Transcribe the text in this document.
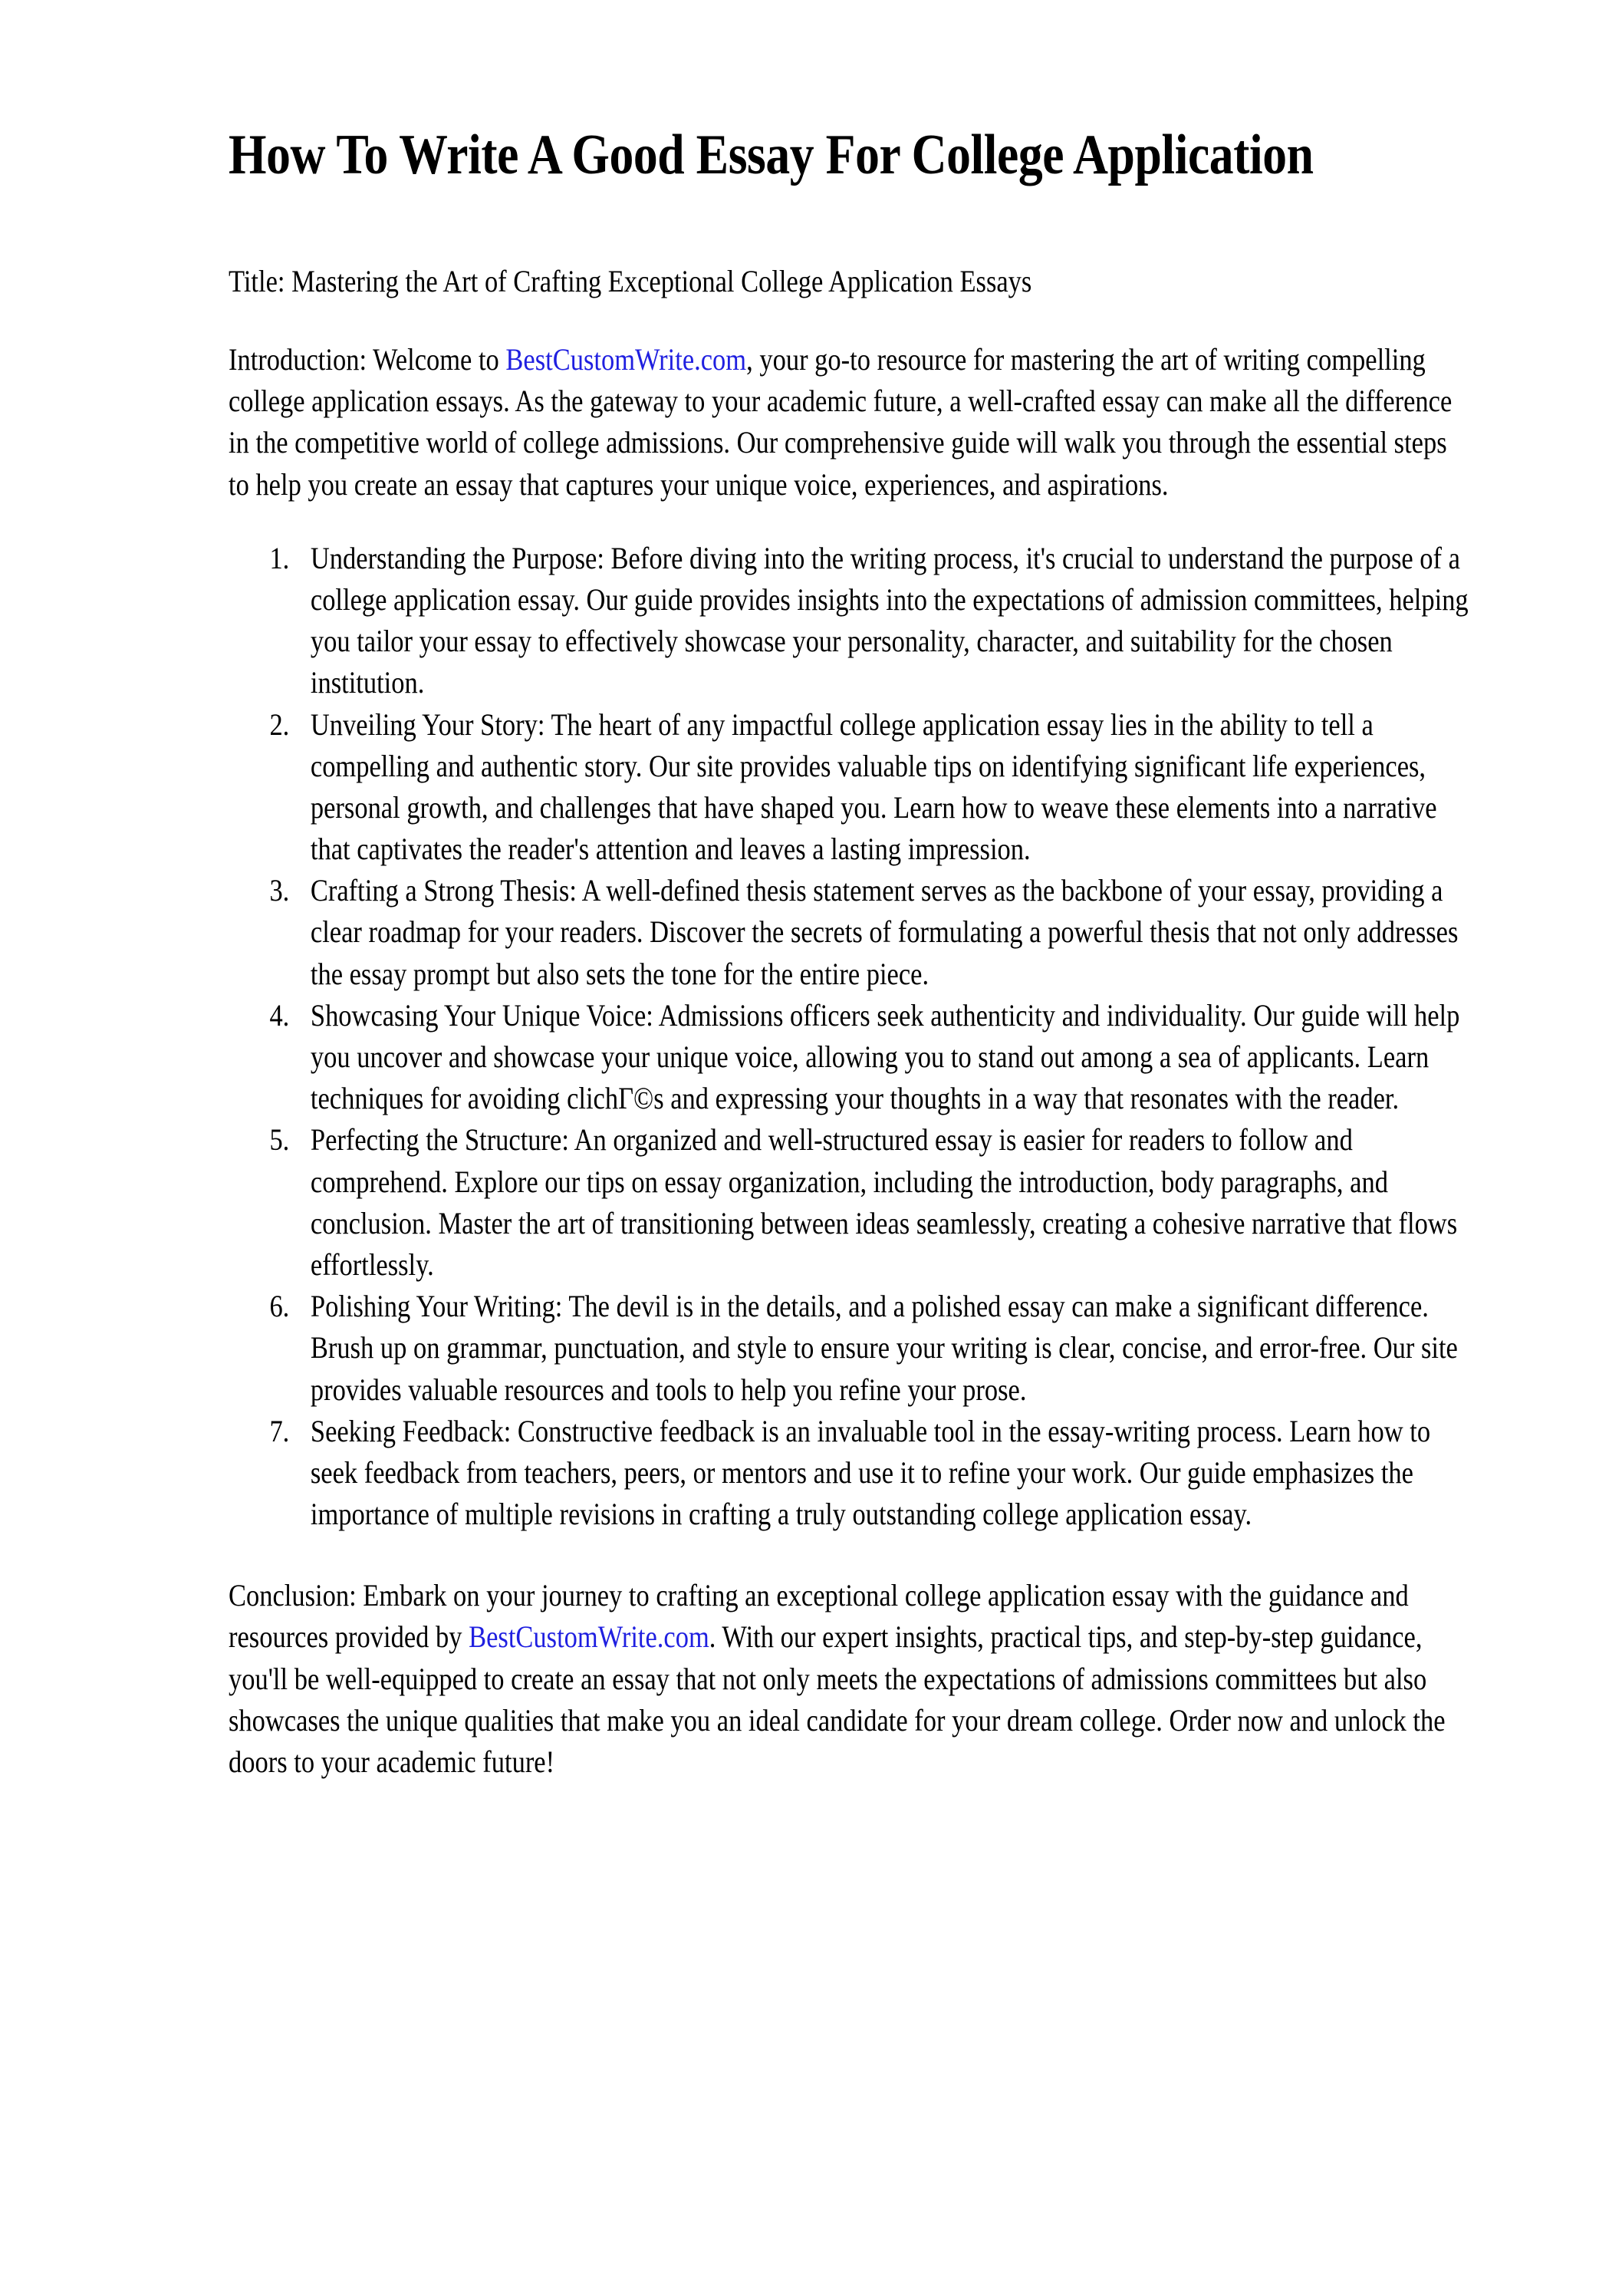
How To Write A Good Essay For College Application

Title: Mastering the Art of Crafting Exceptional College Application Essays

Introduction: Welcome to BestCustomWrite.com, your go-to resource for mastering the art of writing compelling college application essays. As the gateway to your academic future, a well-crafted essay can make all the difference in the competitive world of college admissions. Our comprehensive guide will walk you through the essential steps to help you create an essay that captures your unique voice, experiences, and aspirations.

1. Understanding the Purpose: Before diving into the writing process, it's crucial to understand the purpose of a college application essay. Our guide provides insights into the expectations of admission committees, helping you tailor your essay to effectively showcase your personality, character, and suitability for the chosen institution.
2. Unveiling Your Story: The heart of any impactful college application essay lies in the ability to tell a compelling and authentic story. Our site provides valuable tips on identifying significant life experiences, personal growth, and challenges that have shaped you. Learn how to weave these elements into a narrative that captivates the reader's attention and leaves a lasting impression.
3. Crafting a Strong Thesis: A well-defined thesis statement serves as the backbone of your essay, providing a clear roadmap for your readers. Discover the secrets of formulating a powerful thesis that not only addresses the essay prompt but also sets the tone for the entire piece.
4. Showcasing Your Unique Voice: Admissions officers seek authenticity and individuality. Our guide will help you uncover and showcase your unique voice, allowing you to stand out among a sea of applicants. Learn techniques for avoiding clichΓ©s and expressing your thoughts in a way that resonates with the reader.
5. Perfecting the Structure: An organized and well-structured essay is easier for readers to follow and comprehend. Explore our tips on essay organization, including the introduction, body paragraphs, and conclusion. Master the art of transitioning between ideas seamlessly, creating a cohesive narrative that flows effortlessly.
6. Polishing Your Writing: The devil is in the details, and a polished essay can make a significant difference. Brush up on grammar, punctuation, and style to ensure your writing is clear, concise, and error-free. Our site provides valuable resources and tools to help you refine your prose.
7. Seeking Feedback: Constructive feedback is an invaluable tool in the essay-writing process. Learn how to seek feedback from teachers, peers, or mentors and use it to refine your work. Our guide emphasizes the importance of multiple revisions in crafting a truly outstanding college application essay.

Conclusion: Embark on your journey to crafting an exceptional college application essay with the guidance and resources provided by BestCustomWrite.com. With our expert insights, practical tips, and step-by-step guidance, you'll be well-equipped to create an essay that not only meets the expectations of admissions committees but also showcases the unique qualities that make you an ideal candidate for your dream college. Order now and unlock the doors to your academic future!
